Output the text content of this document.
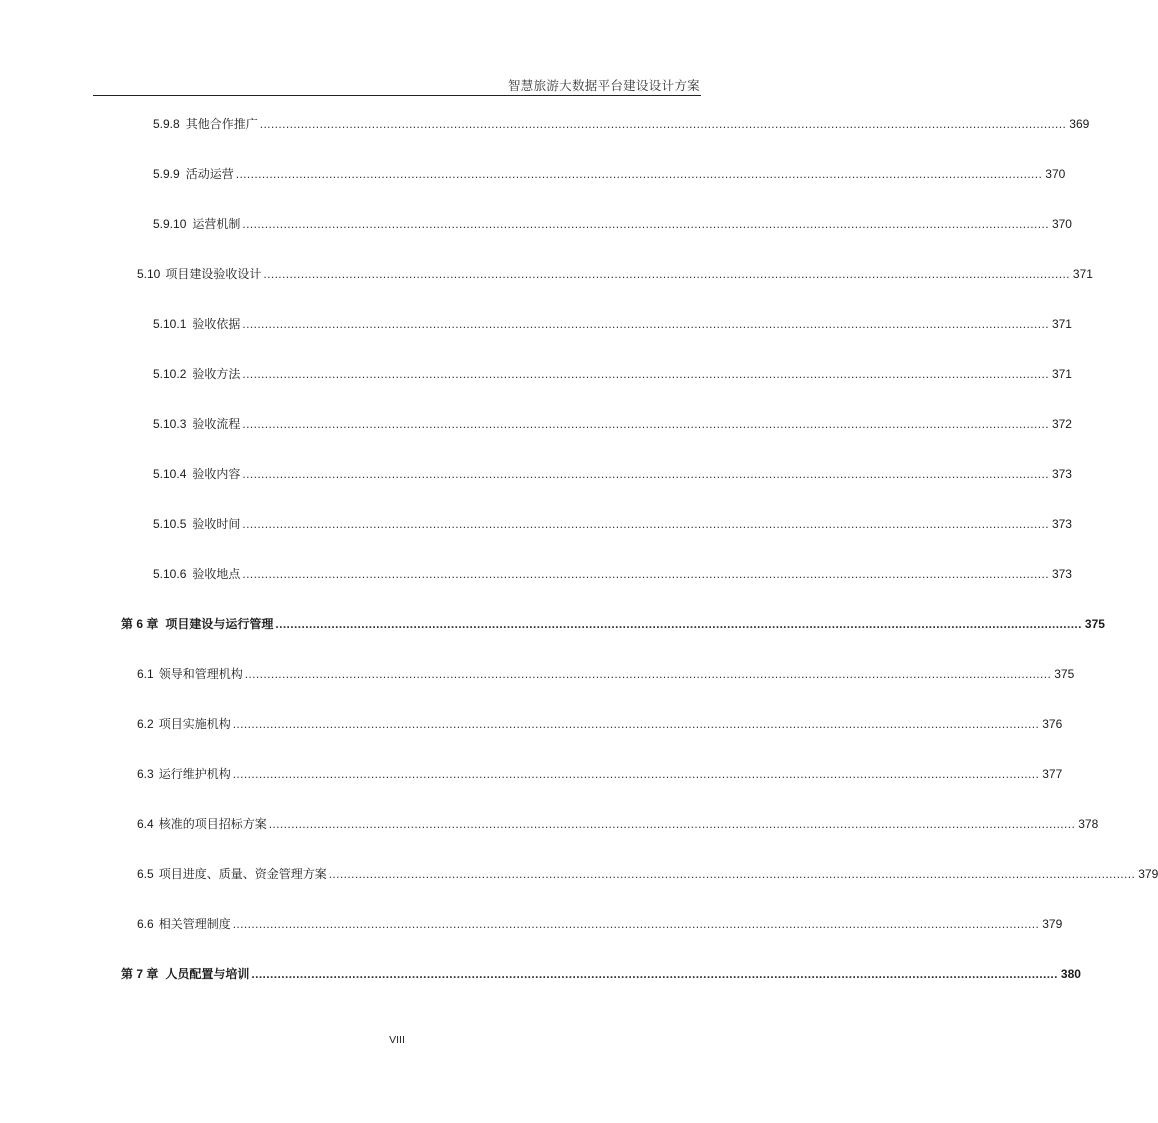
智慧旅游大数据平台建设设计方案
5.9.8 其他合作推广 ........................................................................................................................................................................................................................ 369
5.9.9 活动运营 ........................................................................................................................................................................................................................ 370
5.9.10 运营机制 ........................................................................................................................................................................................................................ 370
5.10 项目建设验收设计 ........................................................................................................................................................................................................................ 371
5.10.1 验收依据 ........................................................................................................................................................................................................................ 371
5.10.2 验收方法 ........................................................................................................................................................................................................................ 371
5.10.3 验收流程 ........................................................................................................................................................................................................................ 372
5.10.4 验收内容 ........................................................................................................................................................................................................................ 373
5.10.5 验收时间 ........................................................................................................................................................................................................................ 373
5.10.6 验收地点 ........................................................................................................................................................................................................................ 373
第 6 章 项目建设与运行管理 ........................................................................................................................................................................................................................ 375
6.1 领导和管理机构 ........................................................................................................................................................................................................................ 375
6.2 项目实施机构 ........................................................................................................................................................................................................................ 376
6.3 运行维护机构 ........................................................................................................................................................................................................................ 377
6.4 核准的项目招标方案 ........................................................................................................................................................................................................................ 378
6.5 项目进度、质量、资金管理方案 ........................................................................................................................................................................................................................ 379
6.6 相关管理制度 ........................................................................................................................................................................................................................ 379
第 7 章 人员配置与培训 ........................................................................................................................................................................................................................ 380
VIII
